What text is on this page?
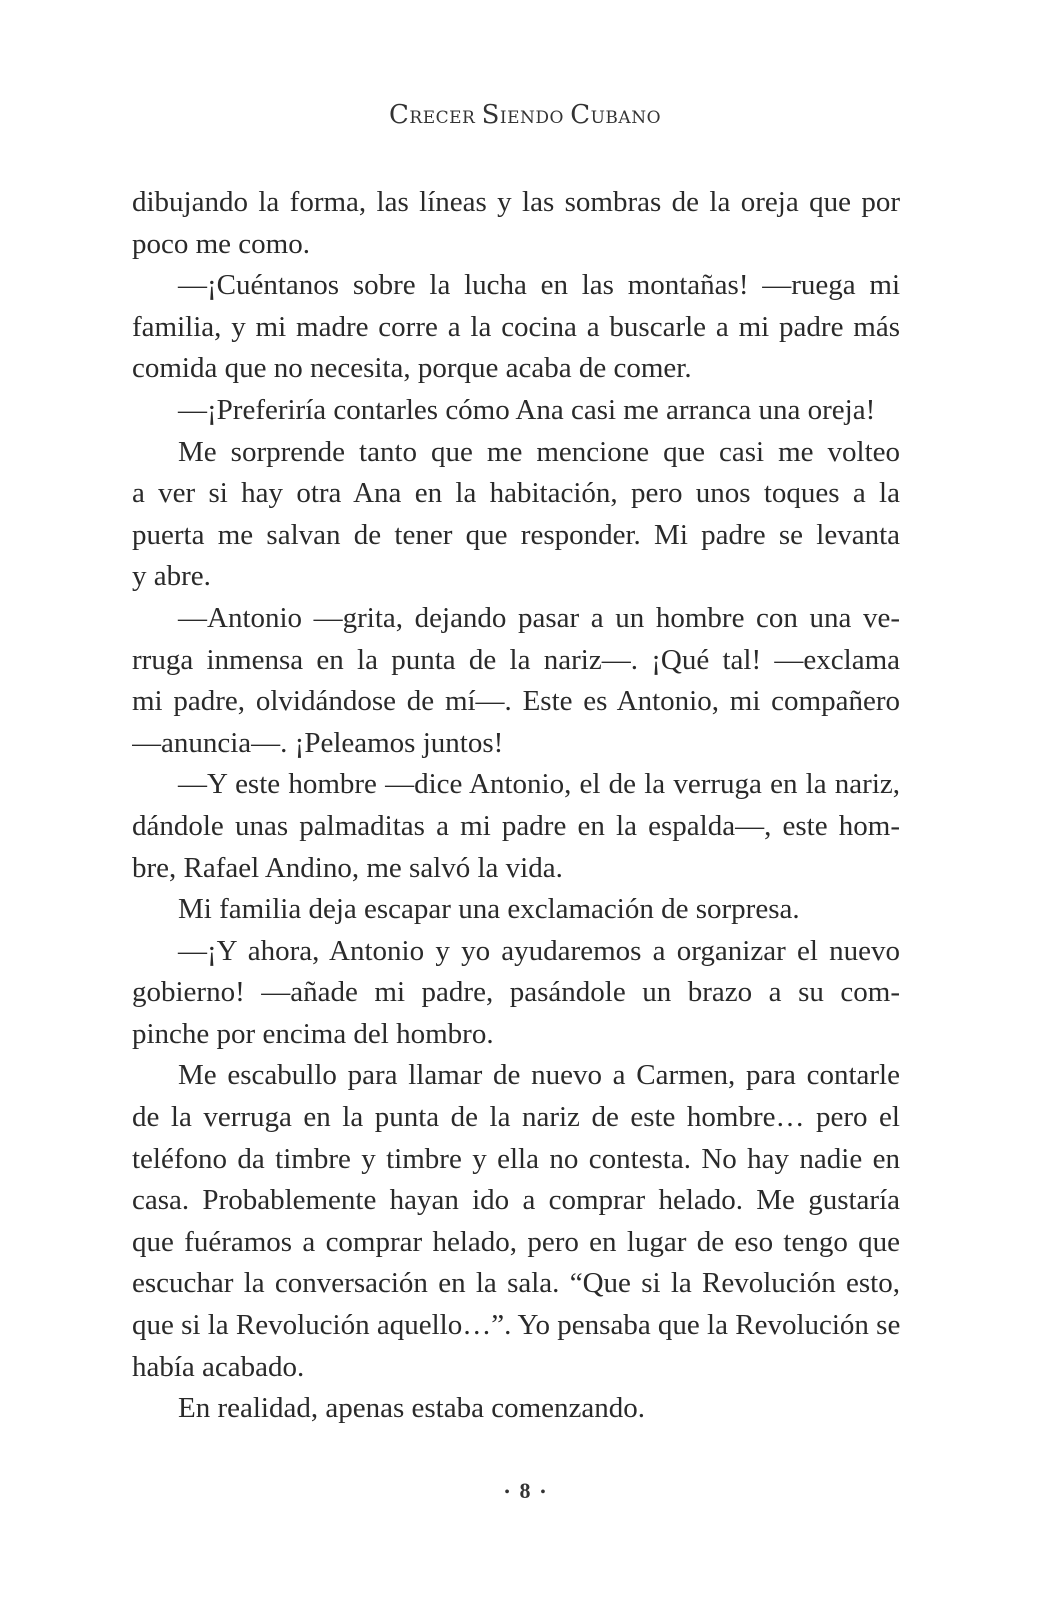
CRECER SIENDO CUBANO
dibujando la forma, las líneas y las sombras de la oreja que por
poco me como.
—¡Cuéntanos sobre la lucha en las montañas! —ruega mi
familia, y mi madre corre a la cocina a buscarle a mi padre más
comida que no necesita, porque acaba de comer.
—¡Preferiría contarles cómo Ana casi me arranca una oreja!
Me sorprende tanto que me mencione que casi me volteo
a ver si hay otra Ana en la habitación, pero unos toques a la
puerta me salvan de tener que responder. Mi padre se levanta
y abre.
—Antonio —grita, dejando pasar a un hombre con una ve-
rruga inmensa en la punta de la nariz—. ¡Qué tal! —exclama
mi padre, olvidándose de mí—. Este es Antonio, mi compañero
—anuncia—. ¡Peleamos juntos!
—Y este hombre —dice Antonio, el de la verruga en la nariz,
dándole unas palmaditas a mi padre en la espalda—, este hom-
bre, Rafael Andino, me salvó la vida.
Mi familia deja escapar una exclamación de sorpresa.
—¡Y ahora, Antonio y yo ayudaremos a organizar el nuevo
gobierno! —añade mi padre, pasándole un brazo a su com-
pinche por encima del hombro.
Me escabullo para llamar de nuevo a Carmen, para contarle
de la verruga en la punta de la nariz de este hombre… pero el
teléfono da timbre y timbre y ella no contesta. No hay nadie en
casa. Probablemente hayan ido a comprar helado. Me gustaría
que fuéramos a comprar helado, pero en lugar de eso tengo que
escuchar la conversación en la sala. “Que si la Revolución esto,
que si la Revolución aquello…”. Yo pensaba que la Revolución se
había acabado.
En realidad, apenas estaba comenzando.
• 8 •
